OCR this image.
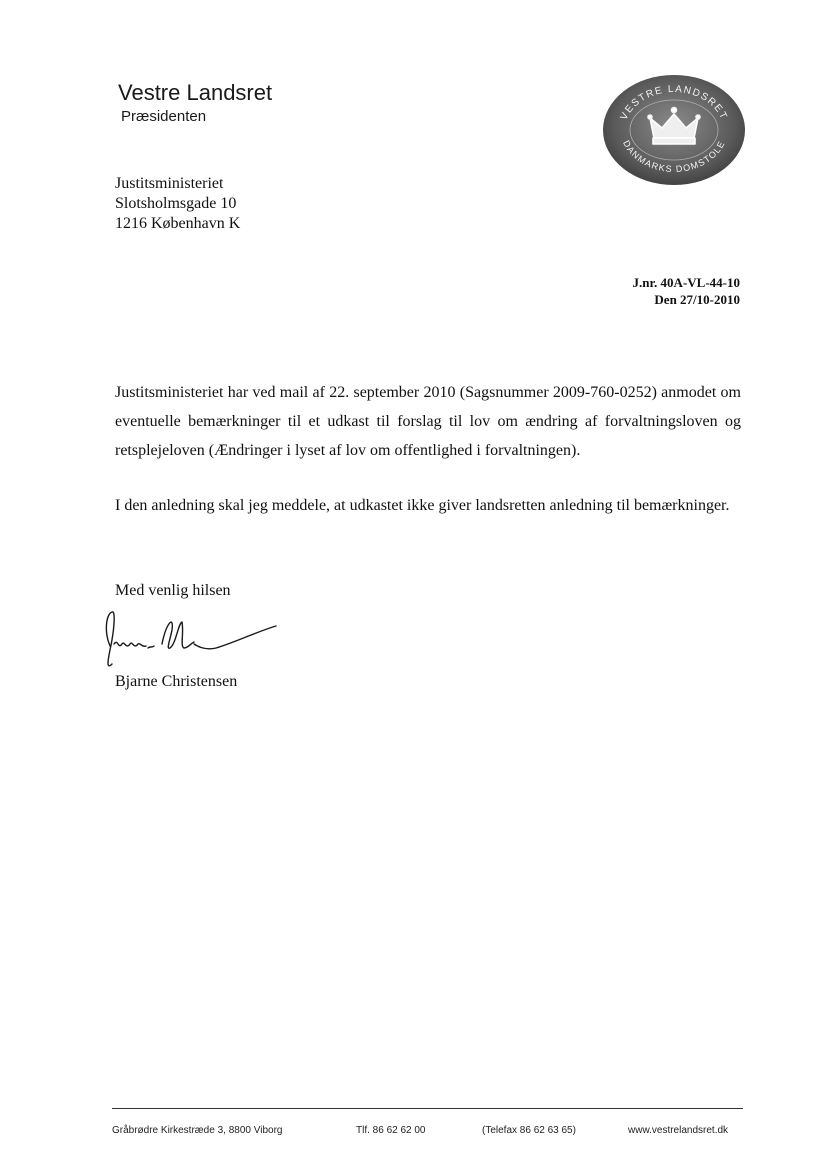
Vestre Landsret
Præsidenten	VESTRE LANDSRET
DANMARKS DOMSTOLE
Justitsministeriet
Slotsholmsgade 10
1216 København K
J.nr. 40A-VL-44-10
Den 27/10-2010
Justitsministeriet har ved mail af 22. september 2010 (Sagsnummer 2009-760-0252) anmodet om eventuelle bemærkninger til et udkast til forslag til lov om ændring af forvaltningsloven og retsplejeloven (Ændringer i lyset af lov om offentlighed i forvaltningen).
I den anledning skal jeg meddele, at udkastet ikke giver landsretten anledning til bemærkninger.
Med venlig hilsen
Bjarne Christensen
Gråbrødre Kirkestræde 3, 8800 Viborg	Tlf. 86 62 62 00	(Telefax 86 62 63 65)	www.vestrelandsret.dk
